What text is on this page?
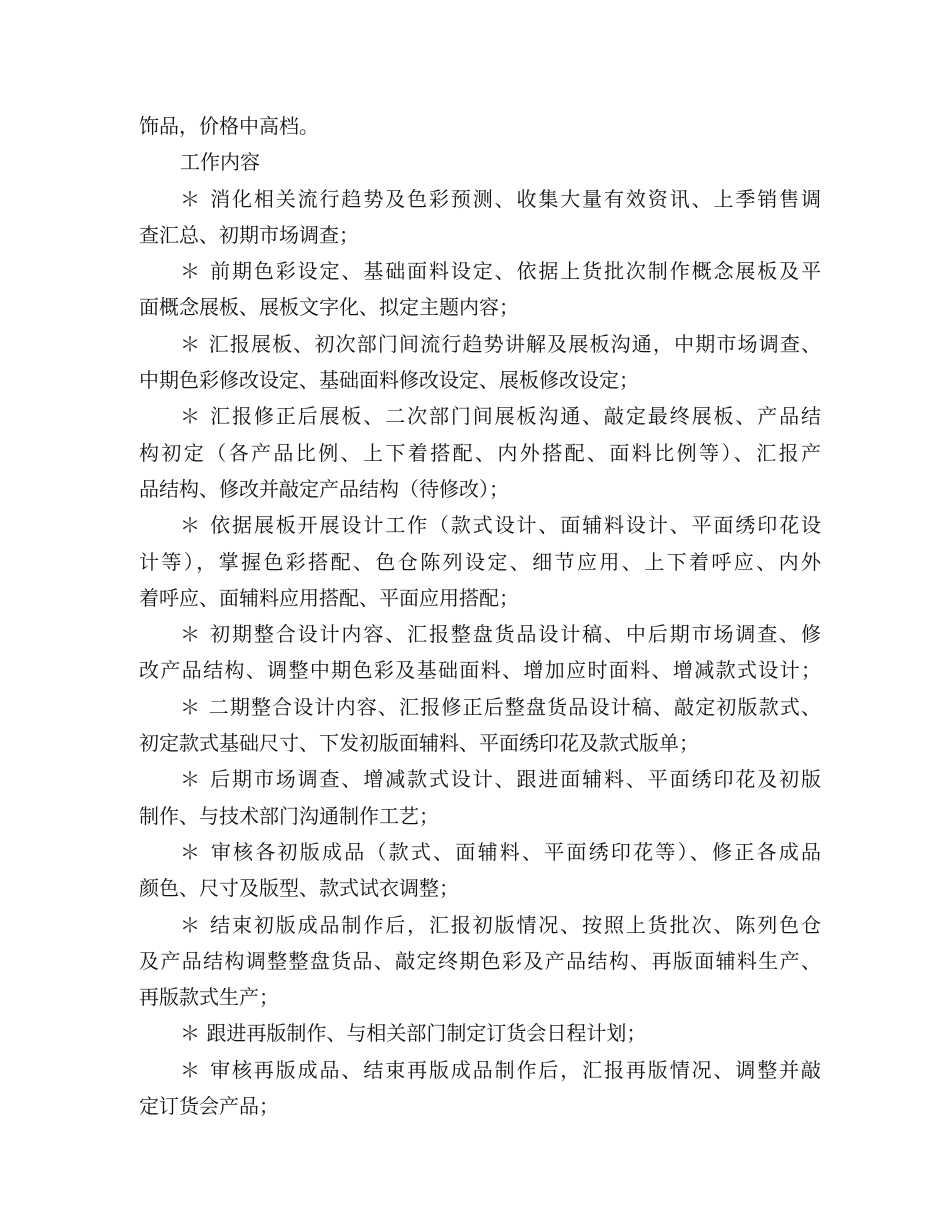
饰品，价格中高档。
工作内容
＊ 消化相关流行趋势及色彩预测、收集大量有效资讯、上季销售调
查汇总、初期市场调查；
＊ 前期色彩设定、基础面料设定、依据上货批次制作概念展板及平
面概念展板、展板文字化、拟定主题内容；
＊ 汇报展板、初次部门间流行趋势讲解及展板沟通，中期市场调查、
中期色彩修改设定、基础面料修改设定、展板修改设定；
＊ 汇报修正后展板、二次部门间展板沟通、敲定最终展板、产品结
构初定（各产品比例、上下着搭配、内外搭配、面料比例等）、汇报产
品结构、修改并敲定产品结构（待修改）；
＊ 依据展板开展设计工作（款式设计、面辅料设计、平面绣印花设
计等），掌握色彩搭配、色仓陈列设定、细节应用、上下着呼应、内外
着呼应、面辅料应用搭配、平面应用搭配；
＊ 初期整合设计内容、汇报整盘货品设计稿、中后期市场调查、修
改产品结构、调整中期色彩及基础面料、增加应时面料、增减款式设计；
＊ 二期整合设计内容、汇报修正后整盘货品设计稿、敲定初版款式、
初定款式基础尺寸、下发初版面辅料、平面绣印花及款式版单；
＊ 后期市场调查、增减款式设计、跟进面辅料、平面绣印花及初版
制作、与技术部门沟通制作工艺；
＊ 审核各初版成品（款式、面辅料、平面绣印花等）、修正各成品
颜色、尺寸及版型、款式试衣调整；
＊ 结束初版成品制作后，汇报初版情况、按照上货批次、陈列色仓
及产品结构调整整盘货品、敲定终期色彩及产品结构、再版面辅料生产、
再版款式生产；
＊ 跟进再版制作、与相关部门制定订货会日程计划；
＊ 审核再版成品、结束再版成品制作后，汇报再版情况、调整并敲
定订货会产品；
